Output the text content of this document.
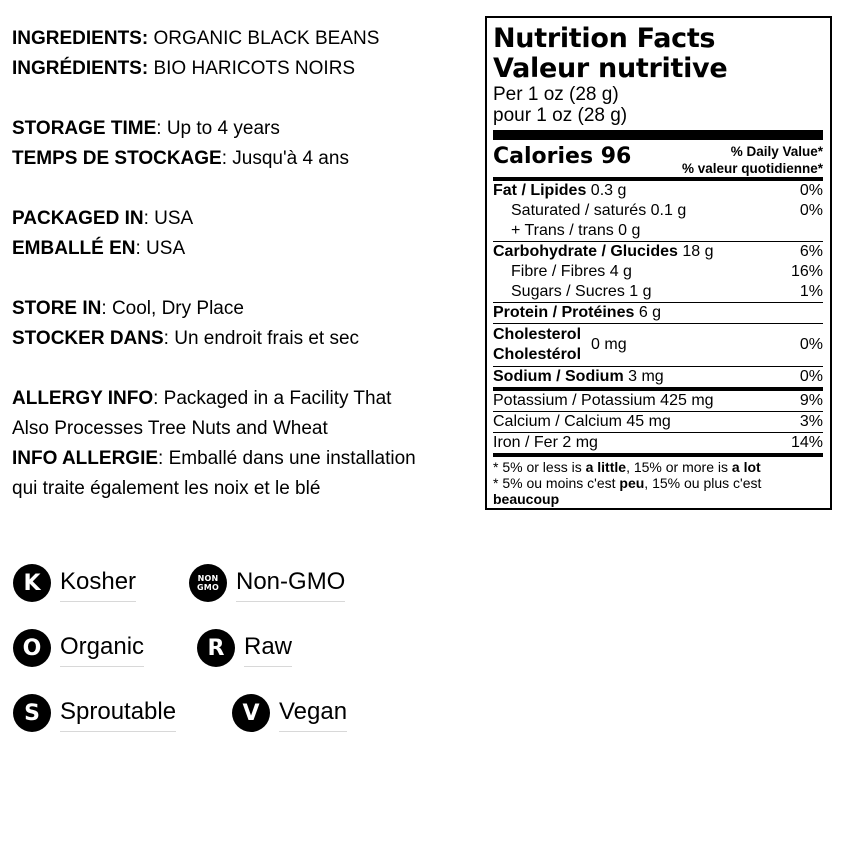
INGREDIENTS: ORGANIC BLACK BEANS
INGRÉDIENTS: BIO HARICOTS NOIRS
STORAGE TIME: Up to 4 years
TEMPS DE STOCKAGE: Jusqu'à 4 ans
PACKAGED IN: USA
EMBALLÉ EN: USA
STORE IN: Cool, Dry Place
STOCKER DANS: Un endroit frais et sec
ALLERGY INFO: Packaged in a Facility That
Also Processes Tree Nuts and Wheat
INFO ALLERGIE: Emballé dans une installation
qui traite également les noix et le blé
K Kosher	NON
GMO Non-GMO
O Organic	R Raw
S Sproutable	V Vegan
Nutrition Facts
Valeur nutritive
Per 1 oz (28 g)
pour 1 oz (28 g)
Calories 96	% Daily Value*
% valeur quotidienne*
Fat / Lipides 0.3 g	0%
Saturated / saturés 0.1 g	0%
+ Trans / trans 0 g
Carbohydrate / Glucides 18 g	6%
Fibre / Fibres 4 g	16%
Sugars / Sucres 1 g	1%
Protein / Protéines 6 g
Cholesterol
Cholestérol
0 mg	0%
Sodium / Sodium 3 mg	0%
Potassium / Potassium 425 mg	9%
Calcium / Calcium 45 mg	3%
Iron / Fer 2 mg	14%
* 5% or less is a little, 15% or more is a lot
* 5% ou moins c'est peu, 15% ou plus c'est
beaucoup
